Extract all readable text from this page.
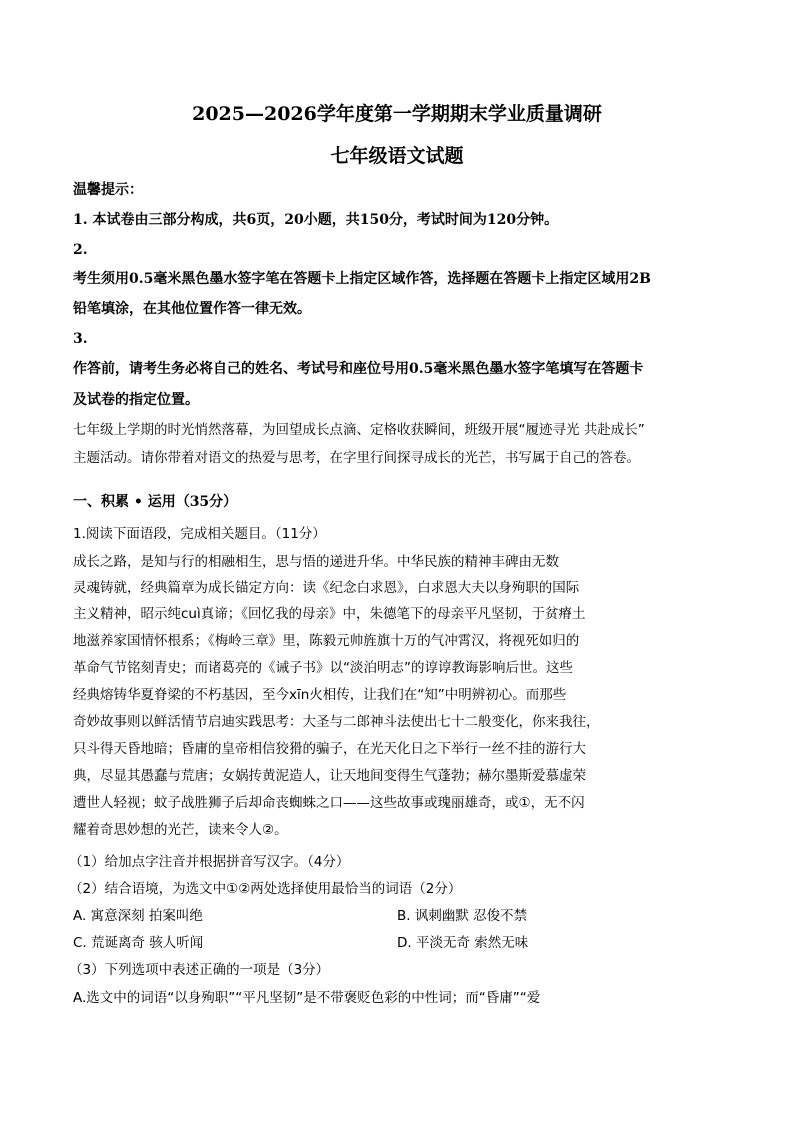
2025—2026学年度第一学期期末学业质量调研
七年级语文试题
温馨提示：
1. 本试卷由三部分构成，共6页，20小题，共150分，考试时间为120分钟。
2.
考生须用0.5毫米黑色墨水签字笔在答题卡上指定区域作答，选择题在答题卡上指定区域用2B
铅笔填涂，在其他位置作答一律无效。
3.
作答前，请考生务必将自己的姓名、考试号和座位号用0.5毫米黑色墨水签字笔填写在答题卡
及试卷的指定位置。
七年级上学期的时光悄然落幕，为回望成长点滴、定格收获瞬间，班级开展“履迹寻光 共赴成长”
主题活动。请你带着对语文的热爱与思考，在字里行间探寻成长的光芒，书写属于自己的答卷。
一、积累 • 运用（35分）
1.阅读下面语段，完成相关题目。（11分）
成长之路，是知与行的相融相生，思与悟的递进升华。中华民族的精神丰碑由无数
灵魂铸就，经典篇章为成长锚定方向：读《纪念白求恩》，白求恩大夫以身殉职的国际
主义精神，昭示纯cuì真谛；《回忆我的母亲》中，朱德笔下的母亲平凡坚韧，于贫瘠土
地滋养家国情怀根系；《梅岭三章》里，陈毅元帅旌旗十万的气冲霄汉，将视死如归的
革命气节铭刻青史；而诸葛亮的《诫子书》以“淡泊明志”的谆谆教诲影响后世。这些
经典熔铸华夏脊梁的不朽基因，至今xīn火相传，让我们在“知”中明辨初心。而那些
奇妙故事则以鲜活情节启迪实践思考：大圣与二郎神斗法使出七十二般变化，你来我往，
只斗得天昏地暗；昏庸的皇帝相信狡猾的骗子，在光天化日之下举行一丝不挂的游行大
典，尽显其愚蠢与荒唐；女娲抟黄泥造人，让天地间变得生气蓬勃；赫尔墨斯爱慕虚荣
遭世人轻视；蚊子战胜狮子后却命丧蜘蛛之口——这些故事或瑰丽雄奇，或①，无不闪
耀着奇思妙想的光芒，读来令人②。
（1）给加点字注音并根据拼音写汉字。（4分）
（2）结合语境，为选文中①②两处选择使用最恰当的词语（2分）
A. 寓意深刻 拍案叫绝	B. 讽刺幽默 忍俊不禁
C. 荒诞离奇 骇人听闻	D. 平淡无奇 索然无味
（3）下列选项中表述正确的一项是（3分）
A.选文中的词语“以身殉职”“平凡坚韧”是不带褒贬色彩的中性词；而“昏庸”“爱
